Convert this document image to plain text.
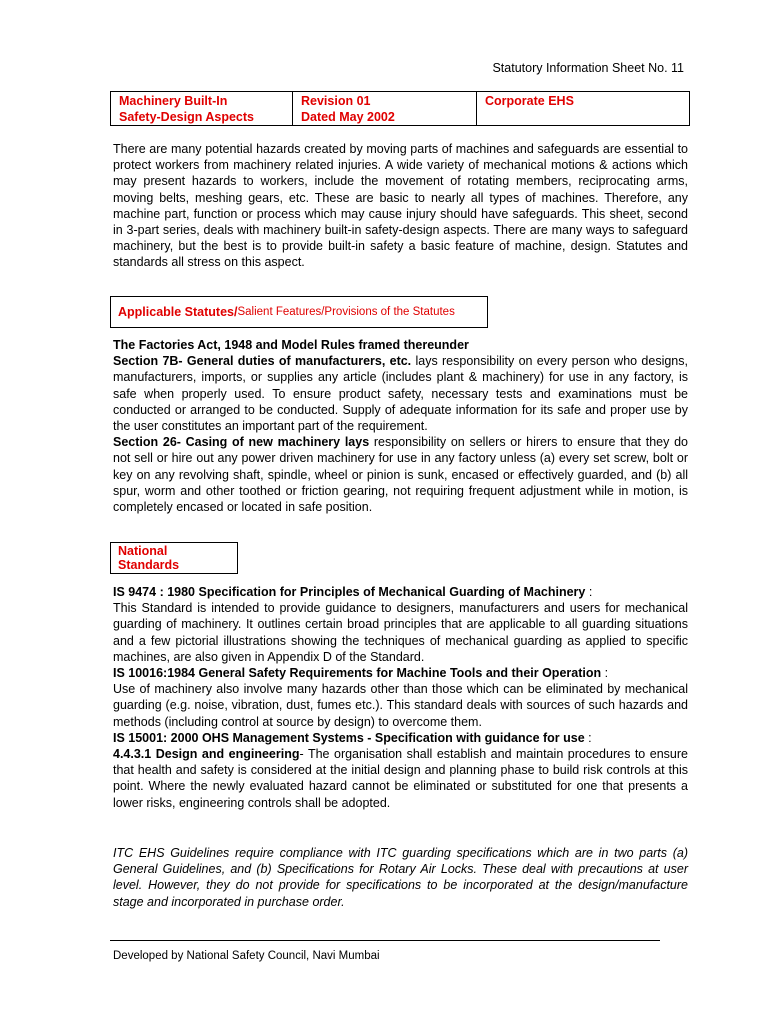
Statutory Information Sheet No. 11
Machinery Built-In
Safety-Design Aspects
Revision 01
Dated May 2002
Corporate EHS

There are many potential hazards created by moving parts of machines and safeguards are essential to protect workers from machinery related injuries. A wide variety of mechanical motions & actions which may present hazards to workers, include the movement of rotating members, reciprocating arms, moving belts, meshing gears, etc. These are basic to nearly all types of machines. Therefore, any machine part, function or process which may cause injury should have safeguards. This sheet, second in 3-part series, deals with machinery built-in safety-design aspects. There are many ways to safeguard machinery, but the best is to provide built-in safety a basic feature of machine, design. Statutes and standards all stress on this aspect.

Applicable Statutes/ Salient Features/Provisions of the Statutes

The Factories Act, 1948 and Model Rules framed thereunder

Section 7B- General duties of manufacturers, etc. lays responsibility on every person who designs, manufacturers, imports, or supplies any article (includes plant & machinery) for use in any factory, is safe when properly used. To ensure product safety, necessary tests and examinations must be conducted or arranged to be conducted. Supply of adequate information for its safe and proper use by the user constitutes an important part of the requirement.

Section 26- Casing of new machinery lays responsibility on sellers or hirers to ensure that they do not sell or hire out any power driven machinery for use in any factory unless (a) every set screw, bolt or key on any revolving shaft, spindle, wheel or pinion is sunk, encased or effectively guarded, and (b) all spur, worm and other toothed or friction gearing, not requiring frequent adjustment while in motion, is completely encased or located in safe position.

National Standards

IS 9474 : 1980 Specification for Principles of Mechanical Guarding of Machinery :

This Standard is intended to provide guidance to designers, manufacturers and users for mechanical guarding of machinery. It outlines certain broad principles that are applicable to all guarding situations and a few pictorial illustrations showing the techniques of mechanical guarding as applied to specific machines, are also given in Appendix D of the Standard.

IS 10016:1984 General Safety Requirements for Machine Tools and their Operation :

Use of machinery also involve many hazards other than those which can be eliminated by mechanical guarding (e.g. noise, vibration, dust, fumes etc.). This standard deals with sources of such hazards and methods (including control at source by design) to overcome them.

IS 15001: 2000 OHS Management Systems - Specification with guidance for use :

4.4.3.1 Design and engineering- The organisation shall establish and maintain procedures to ensure that health and safety is considered at the initial design and planning phase to build risk controls at this point. Where the newly evaluated hazard cannot be eliminated or substituted for one that presents a lower risks, engineering controls shall be adopted.

ITC EHS Guidelines require compliance with ITC guarding specifications which are in two parts (a) General Guidelines, and (b) Specifications for Rotary Air Locks. These deal with precautions at user level. However, they do not provide for specifications to be incorporated at the design/manufacture stage and incorporated in purchase order.

Developed by National Safety Council, Navi Mumbai
